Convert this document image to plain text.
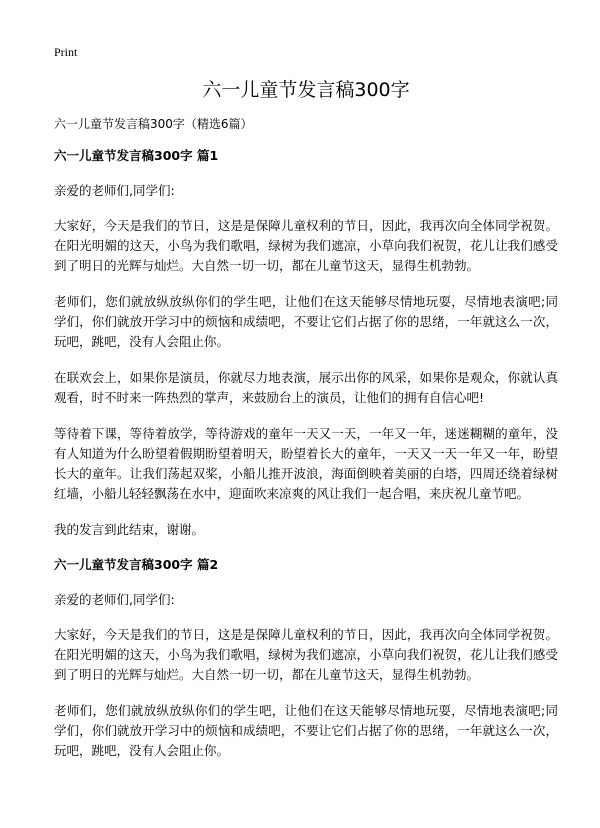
Print
六一儿童节发言稿300字
六一儿童节发言稿300字（精选6篇）
六一儿童节发言稿300字 篇1
亲爱的老师们,同学们:
大家好，今天是我们的节日，这是是保障儿童权利的节日，因此，我再次向全体同学祝贺。在阳光明媚的这天，小鸟为我们歌唱，绿树为我们遮凉，小草向我们祝贺，花儿让我们感受到了明日的光辉与灿烂。大自然一切一切，都在儿童节这天，显得生机勃勃。
老师们，您们就放纵放纵你们的学生吧，让他们在这天能够尽情地玩耍，尽情地表演吧;同学们，你们就放开学习中的烦恼和成绩吧，不要让它们占据了你的思绪，一年就这么一次，玩吧，跳吧，没有人会阻止你。
在联欢会上，如果你是演员，你就尽力地表演，展示出你的风采，如果你是观众，你就认真观看，时不时来一阵热烈的掌声，来鼓励台上的演员，让他们的拥有自信心吧!
等待着下课，等待着放学，等待游戏的童年一天又一天，一年又一年，迷迷糊糊的童年，没有人知道为什么盼望着假期盼望着明天，盼望着长大的童年，一天又一天一年又一年，盼望长大的童年。让我们荡起双桨，小船儿推开波浪，海面倒映着美丽的白塔，四周还绕着绿树红墙，小船儿轻轻飘荡在水中，迎面吹来凉爽的风让我们一起合唱，来庆祝儿童节吧。
我的发言到此结束，谢谢。
六一儿童节发言稿300字 篇2
亲爱的老师们,同学们:
大家好，今天是我们的节日，这是是保障儿童权利的节日，因此，我再次向全体同学祝贺。在阳光明媚的这天，小鸟为我们歌唱，绿树为我们遮凉，小草向我们祝贺，花儿让我们感受到了明日的光辉与灿烂。大自然一切一切，都在儿童节这天，显得生机勃勃。
老师们，您们就放纵放纵你们的学生吧，让他们在这天能够尽情地玩耍，尽情地表演吧;同学们，你们就放开学习中的烦恼和成绩吧，不要让它们占据了你的思绪，一年就这么一次，玩吧，跳吧，没有人会阻止你。
